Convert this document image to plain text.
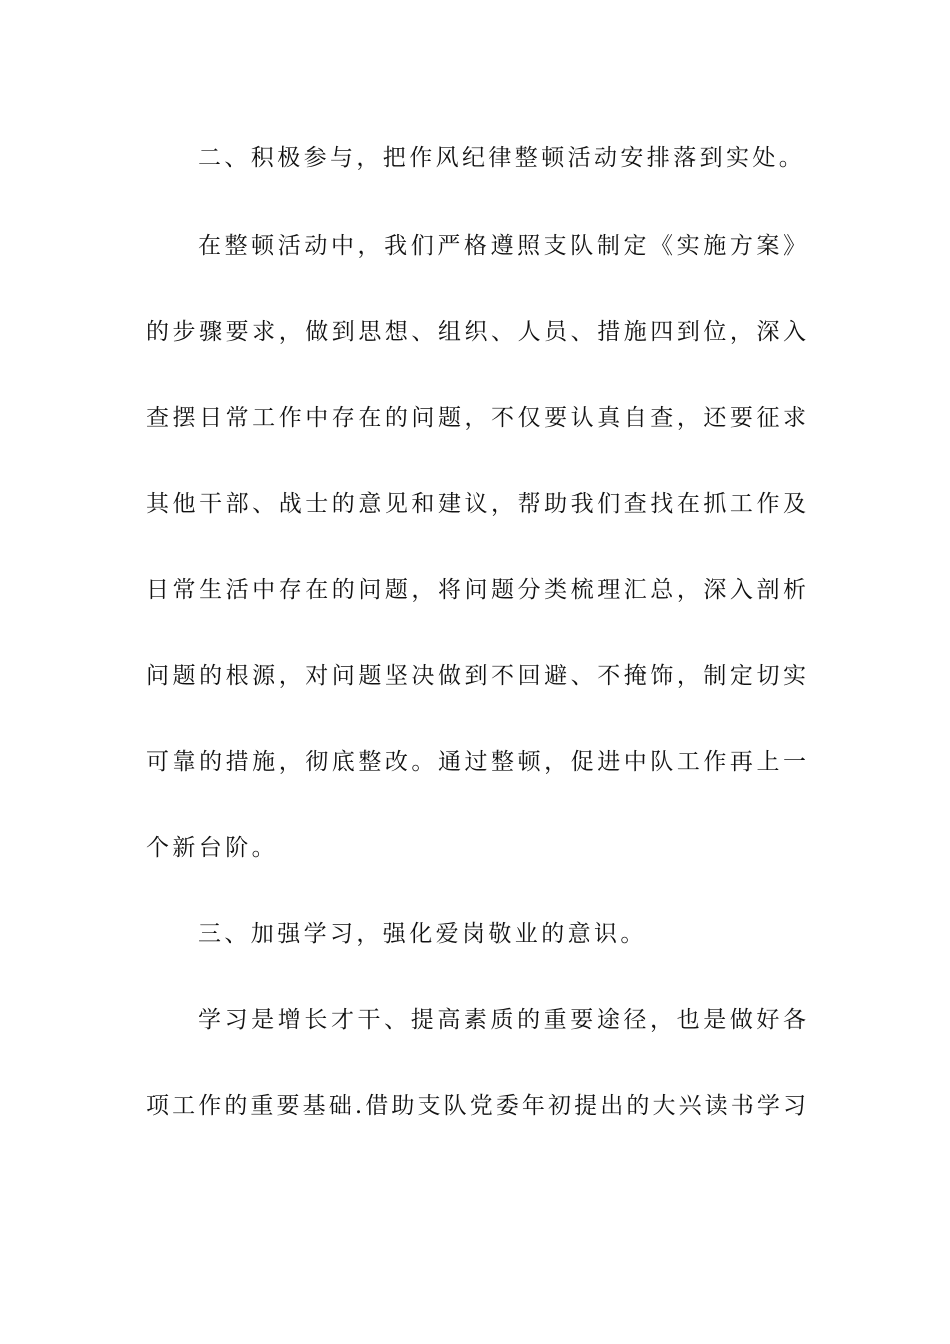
二、积极参与，把作风纪律整顿活动安排落到实处。
在整顿活动中，我们严格遵照支队制定《实施方案》
的步骤要求，做到思想、组织、人员、措施四到位，深入
查摆日常工作中存在的问题，不仅要认真自查，还要征求
其他干部、战士的意见和建议，帮助我们查找在抓工作及
日常生活中存在的问题，将问题分类梳理汇总，深入剖析
问题的根源，对问题坚决做到不回避、不掩饰，制定切实
可靠的措施，彻底整改。通过整顿，促进中队工作再上一
个新台阶。
三、加强学习，强化爱岗敬业的意识。
学习是增长才干、提高素质的重要途径，也是做好各
项工作的重要基础.借助支队党委年初提出的大兴读书学习
